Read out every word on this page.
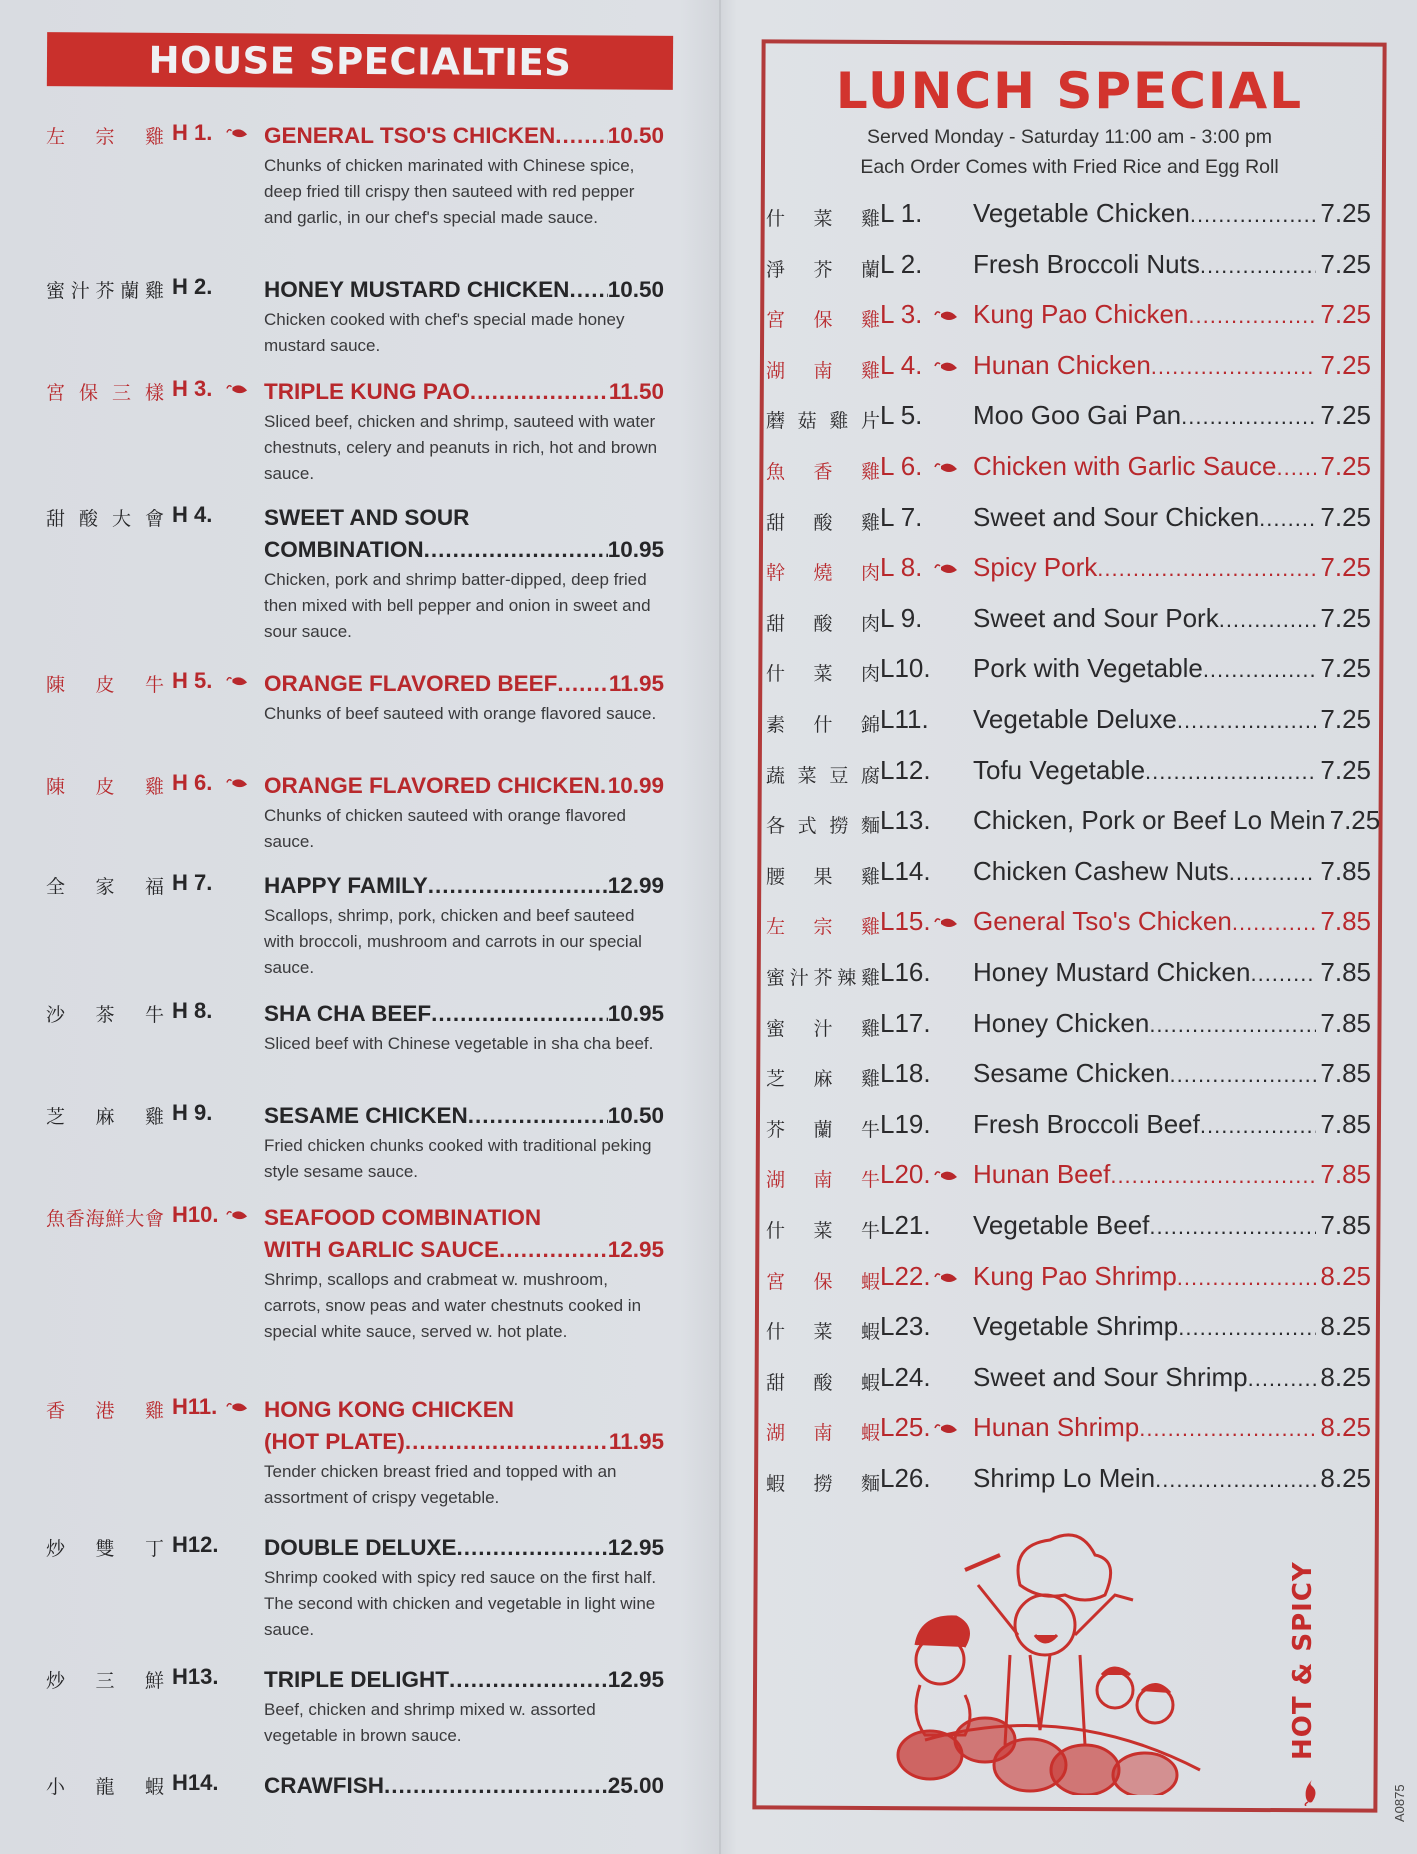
HOUSE SPECIALTIES
左 宗 雞 H 1. GENERAL TSO'S CHICKEN ..... 10.50
Chunks of chicken marinated with Chinese spice, deep fried till crispy then sauteed with red pepper and garlic, in our chef's special made sauce.
蜜 汁 芥 蘭 雞 H 2. HONEY MUSTARD CHICKEN ..... 10.50
Chicken cooked with chef's special made honey mustard sauce.
宮 保 三 樣 H 3. TRIPLE KUNG PAO .....	11.50
Sliced beef, chicken and shrimp, sauteed with water chestnuts, celery and peanuts in rich, hot and brown sauce.
甜 酸 大 會 H 4. SWEET AND SOUR
COMBINATION .....	10.95
Chicken, pork and shrimp batter-dipped, deep fried then mixed with bell pepper and onion in sweet and sour sauce.
陳 皮 牛 H 5. ORANGE FLAVORED BEEF ..... 11.95
Chunks of beef sauteed with orange flavored sauce.
陳 皮 雞 H 6. ORANGE FLAVORED CHICKEN ..... 10.99
Chunks of chicken sauteed with orange flavored sauce.
全 家 福 H 7. HAPPY FAMILY .....	12.99
Scallops, shrimp, pork, chicken and beef sauteed with broccoli, mushroom and carrots in our special sauce.
沙 茶 牛 H 8. SHA CHA BEEF .....	10.95
Sliced beef with Chinese vegetable in sha cha beef.
芝 麻 雞 H 9. SESAME CHICKEN .....	10.50
Fried chicken chunks cooked with traditional peking style sesame sauce.
魚 香 海 鮮 大 會 H10. SEAFOOD COMBINATION
WITH GARLIC SAUCE .....	12.95
Shrimp, scallops and crabmeat w. mushroom, carrots, snow peas and water chestnuts cooked in special white sauce, served w. hot plate.
香 港 雞 H11. HONG KONG CHICKEN
(HOT PLATE) .....	11.95
Tender chicken breast fried and topped with an assortment of crispy vegetable.
炒 雙 丁 H12. DOUBLE DELUXE .....	12.95
Shrimp cooked with spicy red sauce on the first half. The second with chicken and vegetable in light wine sauce.
炒 三 鮮 H13. TRIPLE DELIGHT .....	12.95
Beef, chicken and shrimp mixed w. assorted vegetable in brown sauce.
小 龍 蝦 H14. CRAWFISH .....	25.00
LUNCH SPECIAL
Served Monday - Saturday 11:00 am - 3:00 pm
Each Order Comes with Fried Rice and Egg Roll
什 菜 雞 L 1. Vegetable Chicken .....	7.25
淨 芥 蘭 L 2. Fresh Broccoli Nuts .....	7.25
宮 保 雞 L 3. Kung Pao Chicken .....	7.25
湖 南 雞 L 4. Hunan Chicken .....	7.25
蘑 菇 雞 片 L 5. Moo Goo Gai Pan .....	7.25
魚 香 雞 L 6. Chicken with Garlic Sauce ..... 7.25
甜 酸 雞 L 7. Sweet and Sour Chicken ..... 7.25
幹 燒 肉 L 8. Spicy Pork .....	7.25
甜 酸 肉 L 9. Sweet and Sour Pork .....	7.25
什 菜 肉 L10. Pork with Vegetable .....	7.25
素 什 錦 L11. Vegetable Deluxe .....	7.25
蔬 菜 豆 腐 L12. Tofu Vegetable .....	7.25
各 式 撈 麵 L13. Chicken, Pork or Beef Lo Mein 7.25
腰 果 雞 L14. Chicken Cashew Nuts .....	7.85
左 宗 雞 L15. General Tso's Chicken .....	7.85
蜜 汁 芥 辣 雞 L16. Honey Mustard Chicken .....	7.85
蜜 汁 雞 L17. Honey Chicken .....	7.85
芝 麻 雞 L18. Sesame Chicken .....	7.85
芥 蘭 牛 L19. Fresh Broccoli Beef .....	7.85
湖 南 牛 L20. Hunan Beef .....	7.85
什 菜 牛 L21. Vegetable Beef .....	7.85
宮 保 蝦 L22. Kung Pao Shrimp .....	8.25
什 菜 蝦 L23. Vegetable Shrimp .....	8.25
甜 酸 蝦 L24. Sweet and Sour Shrimp .....	8.25
湖 南 蝦 L25. Hunan Shrimp .....	8.25
蝦 撈 麵 L26. Shrimp Lo Mein .....	8.25
HOT & SPICY
A0875
